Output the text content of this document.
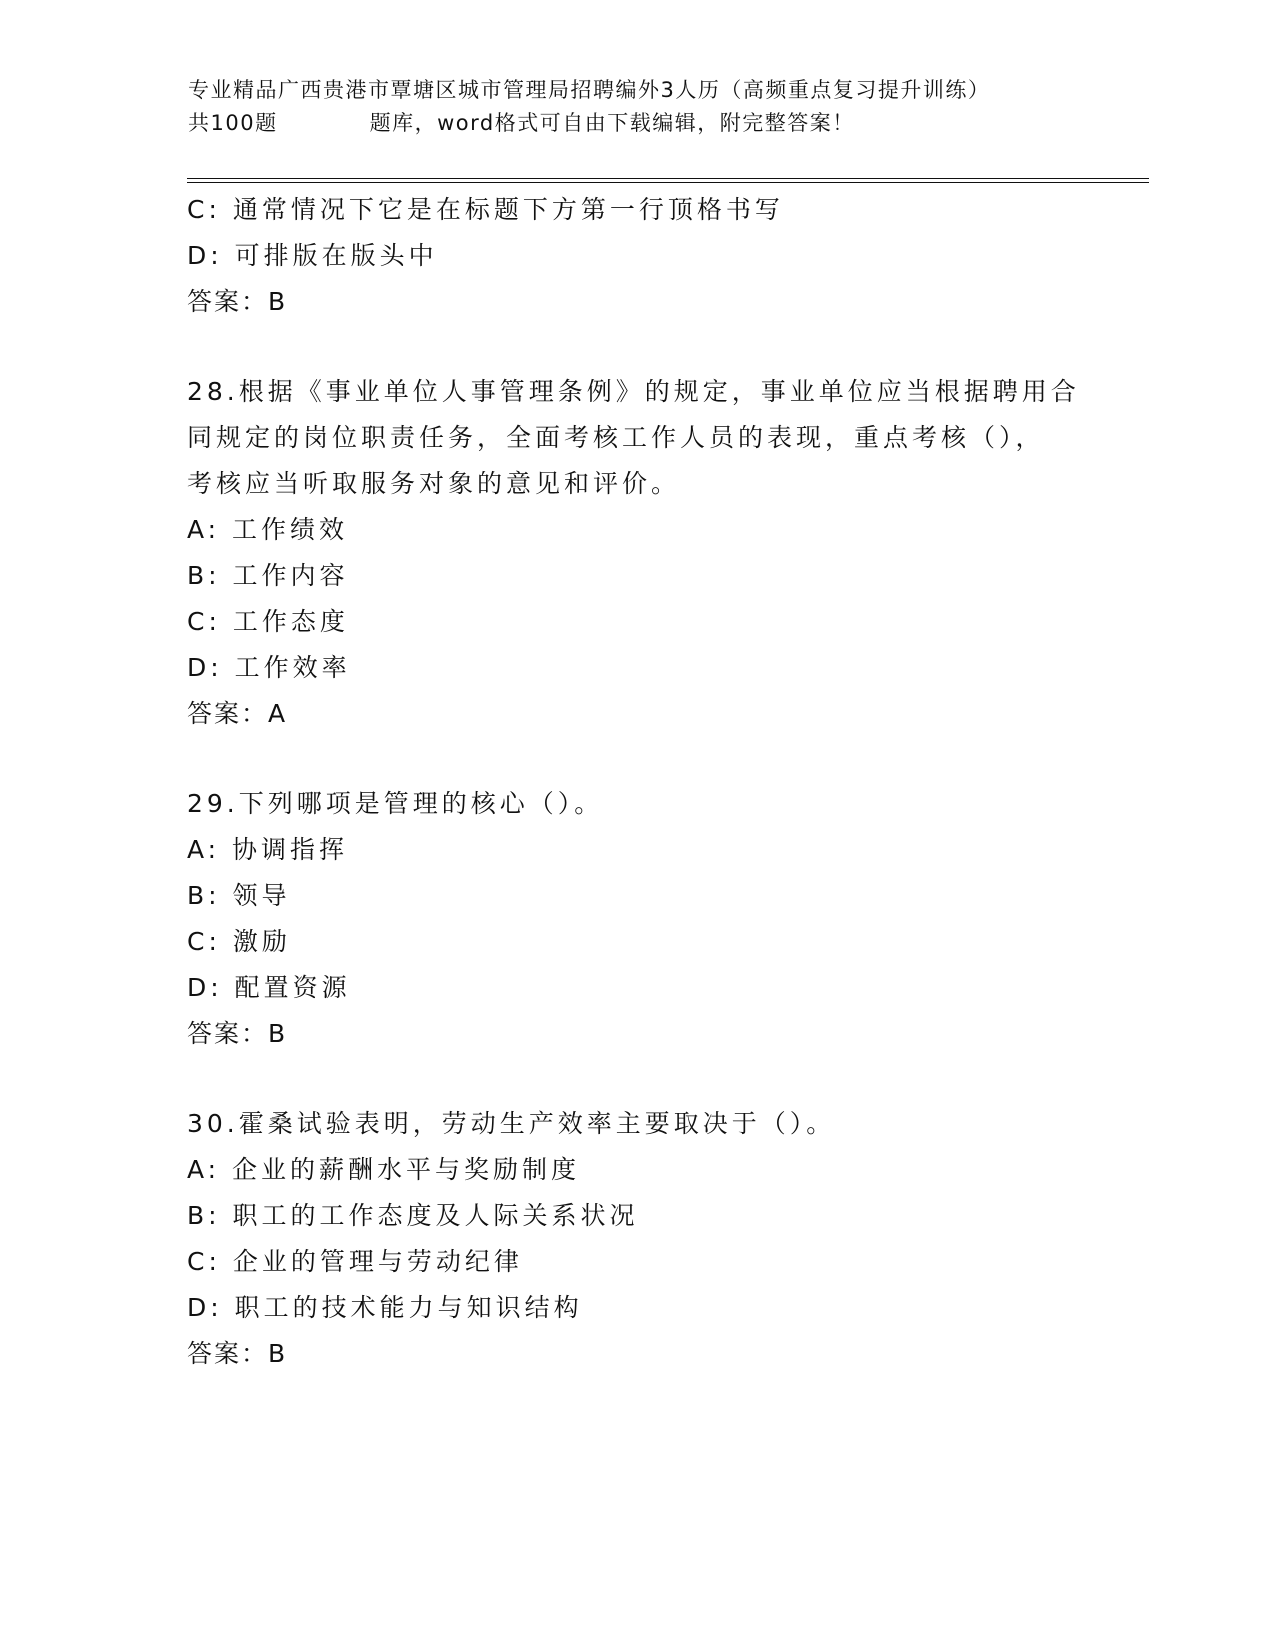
专业精品广西贵港市覃塘区城市管理局招聘编外3人历（高频重点复习提升训练）
共100题	题库，word格式可自由下载编辑，附完整答案！
C: 通常情况下它是在标题下方第一行顶格书写
D: 可排版在版头中
答案：B
28.根据《事业单位人事管理条例》的规定，事业单位应当根据聘用合
同规定的岗位职责任务，全面考核工作人员的表现，重点考核（），
考核应当听取服务对象的意见和评价。
A: 工作绩效
B: 工作内容
C: 工作态度
D: 工作效率
答案：A
29.下列哪项是管理的核心（）。
A: 协调指挥
B: 领导
C: 激励
D: 配置资源
答案：B
30.霍桑试验表明，劳动生产效率主要取决于（）。
A: 企业的薪酬水平与奖励制度
B: 职工的工作态度及人际关系状况
C: 企业的管理与劳动纪律
D: 职工的技术能力与知识结构
答案：B
